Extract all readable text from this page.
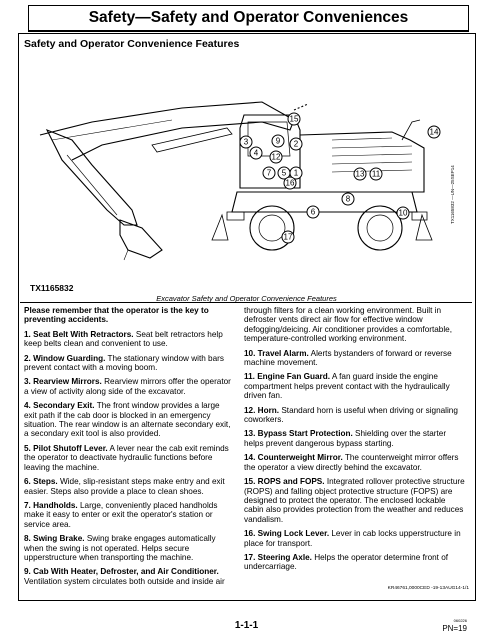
Safety—Safety and Operator Conveniences
Safety and Operator Convenience Features
15
14
3	9 2
4 12
7 5 1
16
13 11
8
6	10
17
TX1165832
TX1165832 —UN—25SEP14
Excavator Safety and Operator Convenience Features

Please remember that the operator is the key to preventing accidents.

1. Seat Belt With Retractors. Seat belt retractors help keep belts clean and convenient to use.

2. Window Guarding. The stationary window with bars prevent contact with a moving boom.

3. Rearview Mirrors. Rearview mirrors offer the operator a view of activity along side of the excavator.

4. Secondary Exit. The front window provides a large exit path if the cab door is blocked in an emergency situation. The rear window is an alternate secondary exit, a secondary exit tool is also provided.

5. Pilot Shutoff Lever. A lever near the cab exit reminds the operator to deactivate hydraulic functions before leaving the machine.

6. Steps. Wide, slip-resistant steps make entry and exit easier. Steps also provide a place to clean shoes.

7. Handholds. Large, conveniently placed handholds make it easy to enter or exit the operator's station or service area.

8. Swing Brake. Swing brake engages automatically when the swing is not operated. Helps secure upperstructure when transporting the machine.

9. Cab With Heater, Defroster, and Air Conditioner. Ventilation system circulates both outside and inside air

through filters for a clean working environment. Built in defroster vents direct air flow for effective window defogging/deicing. Air conditioner provides a comfortable, temperature-controlled working environment.

10. Travel Alarm. Alerts bystanders of forward or reverse machine movement.

11. Engine Fan Guard. A fan guard inside the engine compartment helps prevent contact with the hydraulically driven fan.

12. Horn. Standard horn is useful when driving or signaling coworkers.

13. Bypass Start Protection. Shielding over the starter helps prevent dangerous bypass starting.

14. Counterweight Mirror. The counterweight mirror offers the operator a view directly behind the excavator.

15. ROPS and FOPS. Integrated rollover protective structure (ROPS) and falling object protective structure (FOPS) are designed to protect the operator. The enclosed lockable cabin also provides protection from the weather and reduces vandalism.

16. Swing Lock Lever. Lever in cab locks upperstructure in place for transport.

17. Steering Axle. Helps the operator determine front of undercarriage.

KR46761,0000CED -19-13AUG14-1/1
1-1-1	060226
PN=19
